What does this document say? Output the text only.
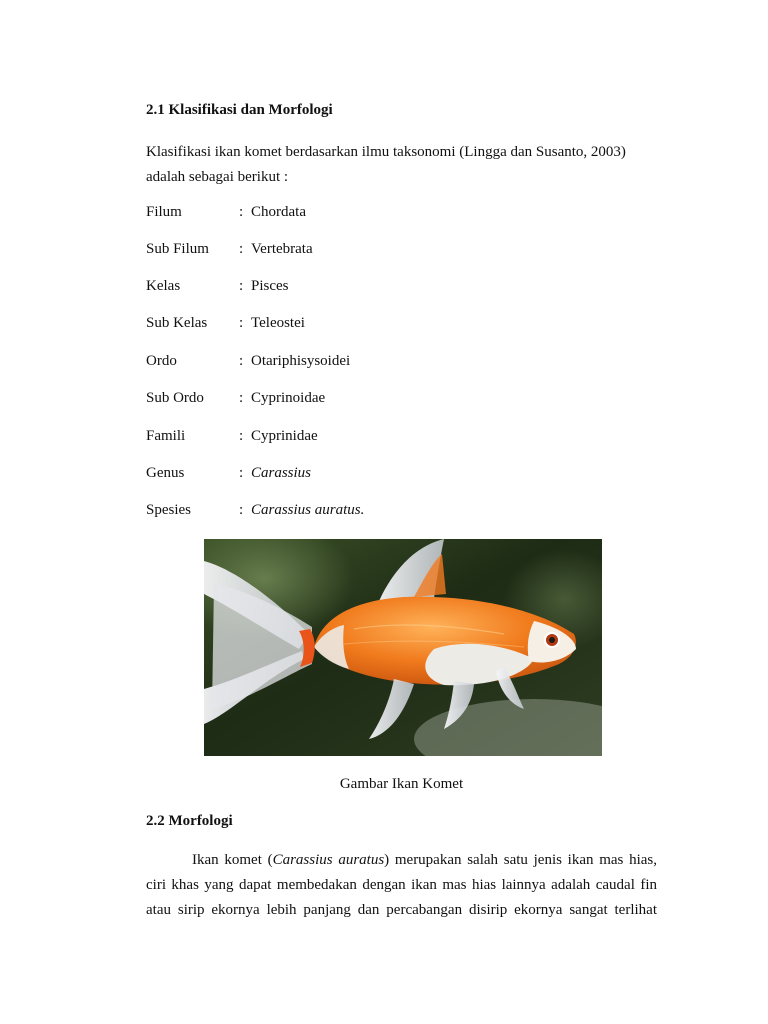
2.1 Klasifikasi dan Morfologi

Klasifikasi ikan komet berdasarkan ilmu taksonomi (Lingga dan Susanto, 2003)
adalah sebagai berikut :

Filum	: Chordata
Sub Filum : Vertebrata
Kelas	: Pisces
Sub Kelas : Teleostei
Ordo	: Otariphisysoidei
Sub Ordo : Cyprinoidae
Famili	: Cyprinidae
Genus	: Carassius
Spesies	: Carassius auratus.

Gambar Ikan Komet

2.2 Morfologi
Ikan komet (Carassius auratus) merupakan salah satu jenis ikan mas hias,
ciri khas yang dapat membedakan dengan ikan mas hias lainnya adalah caudal fin
atau sirip ekornya lebih panjang dan percabangan disirip ekornya sangat terlihat
